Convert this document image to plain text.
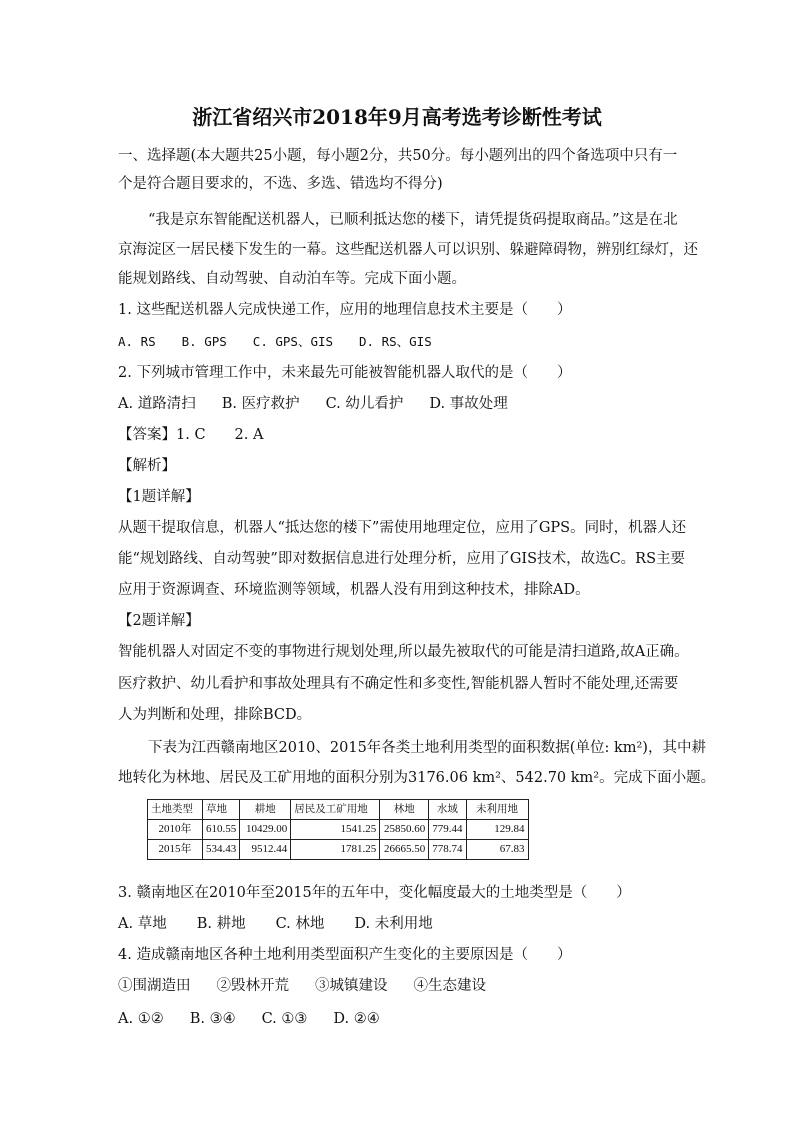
浙江省绍兴市2018年9月高考选考诊断性考试
一、选择题(本大题共25小题，每小题2分，共50分。每小题列出的四个备选项中只有一
个是符合题目要求的，不选、多选、错选均不得分)
“我是京东智能配送机器人，已顺利抵达您的楼下，请凭提货码提取商品。”这是在北
京海淀区一居民楼下发生的一幕。这些配送机器人可以识别、躲避障碍物，辨别红绿灯，还
能规划路线、自动驾驶、自动泊车等。完成下面小题。
1. 这些配送机器人完成快递工作，应用的地理信息技术主要是（　　）
A. RS B. GPS C. GPS、GIS D. RS、GIS
2. 下列城市管理工作中，未来最先可能被智能机器人取代的是（　　）
A. 道路清扫 B. 医疗救护 C. 幼儿看护 D. 事故处理
【答案】1. C　　2. A
【解析】
【1题详解】
从题干提取信息，机器人“抵达您的楼下”需使用地理定位，应用了GPS。同时，机器人还
能“规划路线、自动驾驶”即对数据信息进行处理分析，应用了GIS技术，故选C。RS主要
应用于资源调查、环境监测等领域，机器人没有用到这种技术，排除AD。
【2题详解】
智能机器人对固定不变的事物进行规划处理,所以最先被取代的可能是清扫道路,故A正确。
医疗救护、幼儿看护和事故处理具有不确定性和多变性,智能机器人暂时不能处理,还需要
人为判断和处理，排除BCD。
下表为江西赣南地区2010、2015年各类土地利用类型的面积数据(单位: km²)，其中耕
地转化为林地、居民及工矿用地的面积分别为3176.06 km²、542.70 km²。完成下面小题。
土地类型	草地	耕地	居民及工矿用地	林地	水域	未利用地
2010年	610.55	10429.00	1541.25	25850.60	779.44	129.84
2015年	534.43	9512.44	1781.25	26665.50	778.74	67.83
3. 赣南地区在2010年至2015年的五年中，变化幅度最大的土地类型是（　　）
A. 草地 B. 耕地 C. 林地 D. 未利用地
4. 造成赣南地区各种土地利用类型面积产生变化的主要原因是（　　）
①围湖造田 ②毁林开荒 ③城镇建设 ④生态建设
A. ①② B. ③④ C. ①③ D. ②④
